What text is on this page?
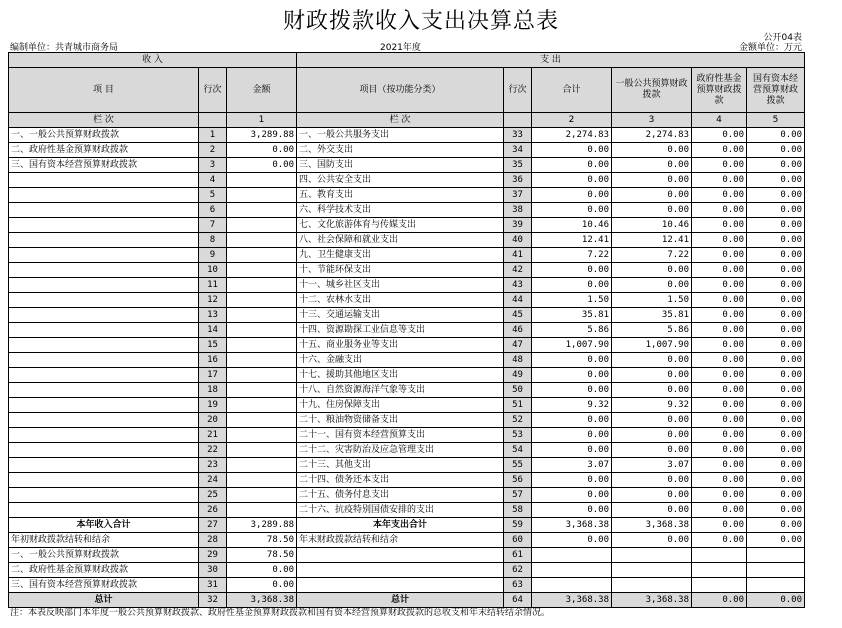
财政拨款收入支出决算总表
公开04表
编制单位：共青城市商务局	2021年度	金额单位：万元
收 入			支 出					
项 目	行次	金额	项目（按功能分类）	行次	合计	一般公共预算财政拨款	政府性基金预算财政拨款	国有资本经营预算财政拨款
栏 次		1	栏 次		2	3	4	5
一、一般公共预算财政拨款	1	3,289.88	一、一般公共服务支出	33	2,274.83	2,274.83	0.00	0.00
二、政府性基金预算财政拨款	2	0.00	二、外交支出	34	0.00	0.00	0.00	0.00
三、国有资本经营预算财政拨款	3	0.00	三、国防支出	35	0.00	0.00	0.00	0.00
	4		四、公共安全支出	36	0.00	0.00	0.00	0.00
	5		五、教育支出	37	0.00	0.00	0.00	0.00
	6		六、科学技术支出	38	0.00	0.00	0.00	0.00
	7		七、文化旅游体育与传媒支出	39	10.46	10.46	0.00	0.00
	8		八、社会保障和就业支出	40	12.41	12.41	0.00	0.00
	9		九、卫生健康支出	41	7.22	7.22	0.00	0.00
	10		十、节能环保支出	42	0.00	0.00	0.00	0.00
	11		十一、城乡社区支出	43	0.00	0.00	0.00	0.00
	12		十二、农林水支出	44	1.50	1.50	0.00	0.00
	13		十三、交通运输支出	45	35.81	35.81	0.00	0.00
	14		十四、资源勘探工业信息等支出	46	5.86	5.86	0.00	0.00
	15		十五、商业服务业等支出	47	1,007.90	1,007.90	0.00	0.00
	16		十六、金融支出	48	0.00	0.00	0.00	0.00
	17		十七、援助其他地区支出	49	0.00	0.00	0.00	0.00
	18		十八、自然资源海洋气象等支出	50	0.00	0.00	0.00	0.00
	19		十九、住房保障支出	51	9.32	9.32	0.00	0.00
	20		二十、粮油物资储备支出	52	0.00	0.00	0.00	0.00
	21		二十一、国有资本经营预算支出	53	0.00	0.00	0.00	0.00
	22		二十二、灾害防治及应急管理支出	54	0.00	0.00	0.00	0.00
	23		二十三、其他支出	55	3.07	3.07	0.00	0.00
	24		二十四、债务还本支出	56	0.00	0.00	0.00	0.00
	25		二十五、债务付息支出	57	0.00	0.00	0.00	0.00
	26		二十六、抗疫特别国债安排的支出	58	0.00	0.00	0.00	0.00
本年收入合计	27	3,289.88	本年支出合计	59	3,368.38	3,368.38	0.00	0.00
年初财政拨款结转和结余	28	78.50	年末财政拨款结转和结余	60	0.00	0.00	0.00	0.00
一、一般公共预算财政拨款	29	78.50		61				
二、政府性基金预算财政拨款	30	0.00		62				
三、国有资本经营预算财政拨款	31	0.00		63				
总计	32	3,368.38	总计	64	3,368.38	3,368.38	0.00	0.00
注：本表反映部门本年度一般公共预算财政拨款、政府性基金预算财政拨款和国有资本经营预算财政拨款的总收支和年末结转结余情况。
